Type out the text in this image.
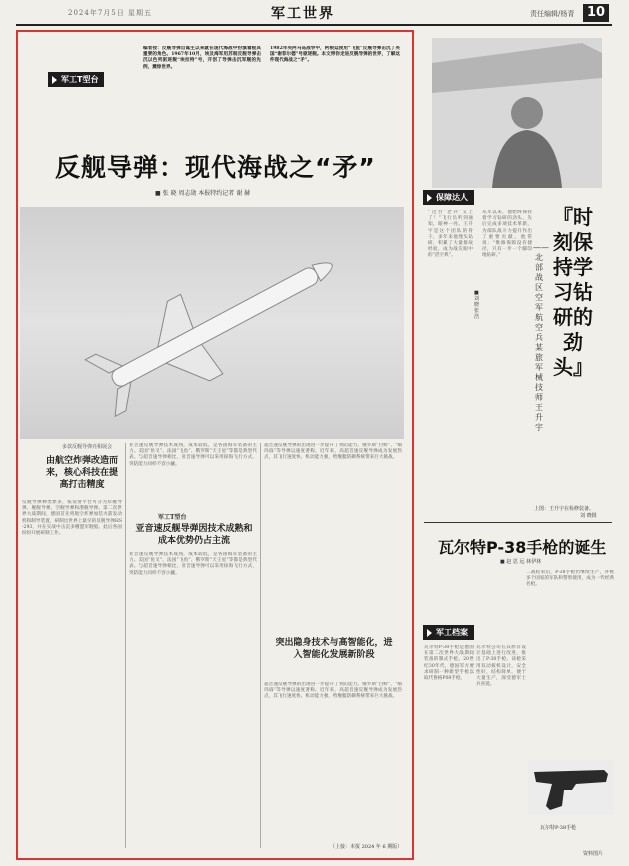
2024年7月5日 星期五	军工世界	责任编辑/杨青 10
军工T型台
编者按：反舰导弹自诞生以来就在现代海战中扮演着极其重要的角色。1967年10月，埃及海军用苏制反舰导弹击沉以色列驱逐舰“埃拉特”号，开创了导弹击沉军舰的先例，震惊世界。
1982年英阿马岛战争中，阿根廷使用“飞鱼”反舰导弹击沉了英国“谢菲尔德”号驱逐舰。本文带你走进反舰导弹的世界，了解这件现代海战之“矛”。
反舰导弹：现代海战之“矛”
■ 张 晓 周志勋 本报特约记者 谢 赫
多款反舰导弹亮相展会
由航空炸弹改造而来，核心科技在提高打击精度
反舰导弹种类繁多，按发射平台可分为岸舰导弹、舰舰导弹、空舰导弹和潜舰导弹。第二次世界大战期间，德国首先将航空炸弹加装火箭发动机和制导装置，研制出世界上最早的反舰导弹HS-293，并在实战中击沉多艘盟军舰船。此后各国纷纷开展研制工作。
亚音速反舰导弹技术成熟，成本较低，是各国海军装备的主力。美国“鱼叉”、法国“飞鱼”、俄罗斯“天王星”等都是典型代表。与超音速导弹相比，亚音速导弹可以采用掠海飞行方式，突防能力同样不容小觑。
军工T型台
亚音速反舰导弹因技术成熟和成本优势仍占主流
亚音速反舰导弹技术成熟，成本较低，是各国海军装备的主力。美国“鱼叉”、法国“飞鱼”、俄罗斯“天王星”等都是典型代表。与超音速导弹相比，亚音速导弹可以采用掠海飞行方式，突防能力同样不容小觑。
超音速反舰导弹的出现进一步提升了突防能力。俄罗斯“白蛉”、“缟玛瑙”等导弹以速度著称。近年来，高超音速反舰导弹成为发展热点，其飞行速度快、机动能力强，给舰艇防御系统带来巨大挑战。
突出隐身技术与高智能化，进入智能化发展新阶段
超音速反舰导弹的出现进一步提升了突防能力。俄罗斯“白蛉”、“缟玛瑙”等导弹以速度著称。近年来，高超音速反舰导弹成为发展热点，其飞行速度快、机动能力强，给舰艇防御系统带来巨大挑战。
（上接：本报 2024 年 6 期版）
保障达人
“这台‘老兵’又上了！”飞行员听到通知，眼神一亮。王升宇是这个团队的骨干，多年来他埋头钻研，积累了大量排故经验，成为战友眼中的“活字典”。
■ 刘 晓 张 浩
从军以来，他始终保持着学习钻研的劲头，先后完成多项技术革新，为部队战斗力提升作出了重要贡献。他常说：“维修保障没有捷径，只有一步一个脚印地钻研。”
——北部战区空军航空兵某旅军械技师王升宇
『时刻保持学习钻研的劲头』
上图：王升宇在检修装备。
刘 晓摄
瓦尔特P-38手枪的诞生
■ 赵 思 远 林伊林
二战结束后，P-38手枪仍继续生产，并被多个国家的军队和警察使用，成为一代经典名枪。
军工档案
瓦尔特P-38手枪是德国在第二次世界大战期间装备的制式手枪。20世纪30年代，德国军方要求研制一种新型手枪以取代鲁格P08手枪。
瓦尔特公司在其原有设计基础上进行改进，推出了P-38手枪。该枪采用双动扳机设计，安全性好，结构简单，便于大量生产，深受德军士兵喜爱。
瓦尔特P-38手枪
资料图片
